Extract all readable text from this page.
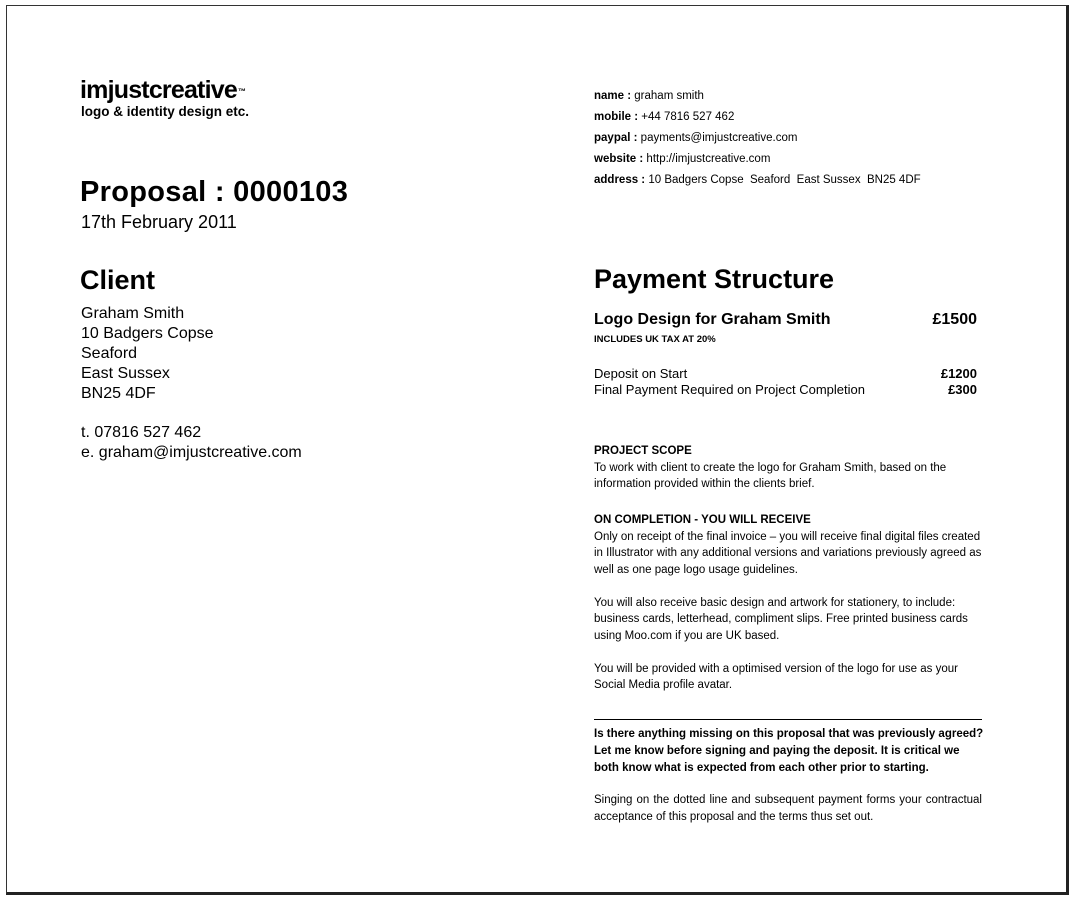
imjustcreative™
logo & identity design etc.
name : graham smith
mobile : +44 7816 527 462
paypal : payments@imjustcreative.com
website : http://imjustcreative.com
address : 10 Badgers Copse  Seaford  East Sussex  BN25 4DF
Proposal : 0000103
17th February 2011
Client
Graham Smith
10 Badgers Copse
Seaford
East Sussex
BN25 4DF
t. 07816 527 462
e. graham@imjustcreative.com
Payment Structure
Logo Design for Graham Smith	£1500
INCLUDES UK TAX AT 20%
Deposit on Start	£1200
Final Payment Required on Project Completion	£300
PROJECT SCOPE
To work with client to create the logo for Graham Smith, based on the information provided within the clients brief.
ON COMPLETION - YOU WILL RECEIVE
Only on receipt of the final invoice – you will receive final digital files created in Illustrator with any additional versions and variations previously agreed as well as one page logo usage guidelines.
You will also receive basic design and artwork for stationery, to include: business cards, letterhead, compliment slips. Free printed business cards using Moo.com if you are UK based.
You will be provided with a optimised version of the logo for use as your Social Media profile avatar.
Is there anything missing on this proposal that was previously agreed? Let me know before signing and paying the deposit. It is critical we both know what is expected from each other prior to starting.
Singing on the dotted line and subsequent payment forms your contractual acceptance of this proposal and the terms thus set out.
